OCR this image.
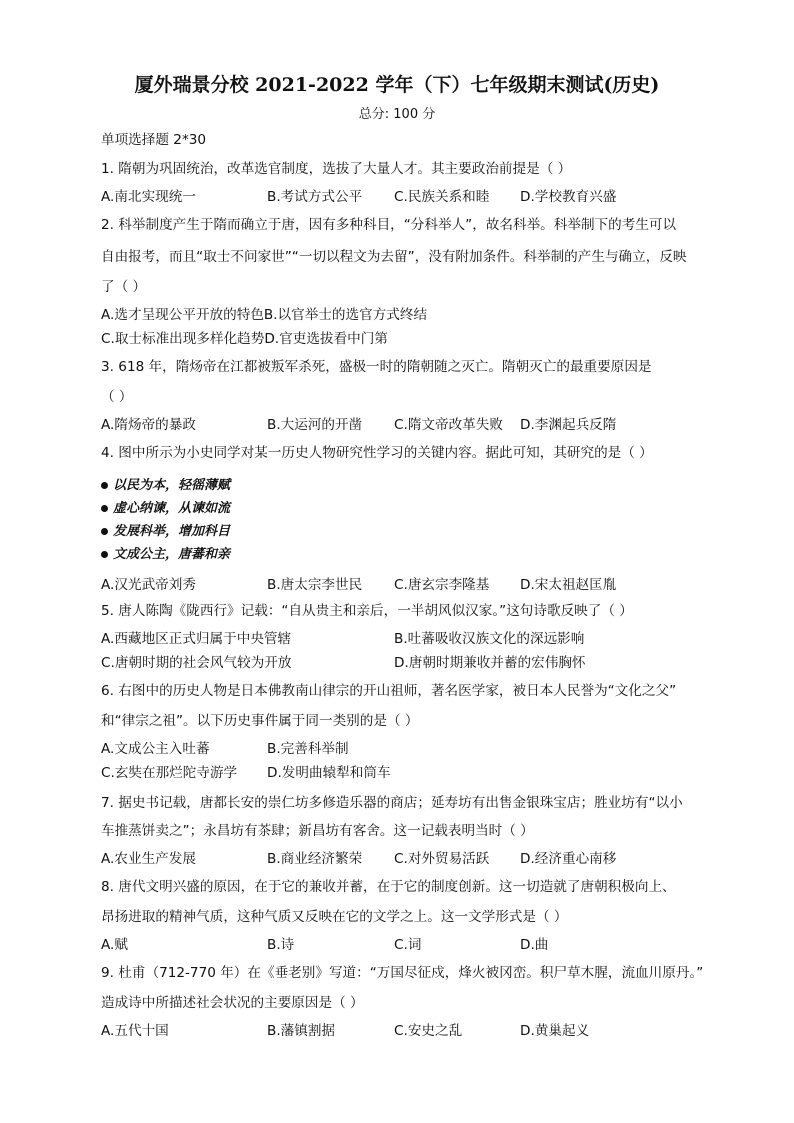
厦外瑞景分校 2021-2022 学年（下）七年级期末测试(历史)
总分: 100 分
单项选择题 2*30
1. 隋朝为巩固统治，改革选官制度，选拔了大量人才。其主要政治前提是（ ）
A.南北实现统一	B.考试方式公平 C.民族关系和睦 D.学校教育兴盛
2. 科举制度产生于隋而确立于唐，因有多种科目，“分科举人”，故名科举。科举制下的考生可以
自由报考，而且“取士不问家世”“一切以程文为去留”，没有附加条件。科举制的产生与确立，反映
了（ ）
A.选才呈现公平开放的特色B.以官举士的选官方式终结
C.取士标准出现多样化趋势D.官吏选拔看中门第
3. 618 年，隋炀帝在江都被叛军杀死，盛极一时的隋朝随之灭亡。隋朝灭亡的最重要原因是
（ ）
A.隋炀帝的暴政	B.大运河的开凿 C.隋文帝改革失败 D.李渊起兵反隋
4. 图中所示为小史同学对某一历史人物研究性学习的关键内容。据此可知，其研究的是（ ）
以民为本，轻徭薄赋
虚心纳谏，从谏如流
发展科举，增加科目
文成公主，唐蕃和亲
A.汉光武帝刘秀	B.唐太宗李世民 C.唐玄宗李隆基 D.宋太祖赵匡胤
5. 唐人陈陶《陇西行》记载：“自从贵主和亲后，一半胡风似汉家。”这句诗歌反映了（ ）
A.西藏地区正式归属于中央管辖	B.吐蕃吸收汉族文化的深远影响
C.唐朝时期的社会风气较为开放	D.唐朝时期兼收并蓄的宏伟胸怀
6. 右图中的历史人物是日本佛教南山律宗的开山祖师，著名医学家，被日本人民誉为“文化之父”
和“律宗之祖”。以下历史事件属于同一类别的是（ ）
A.文成公主入吐蕃	B.完善科举制
C.玄奘在那烂陀寺游学 D.发明曲辕犁和筒车
7. 据史书记载，唐都长安的崇仁坊多修造乐器的商店；延寿坊有出售金银珠宝店；胜业坊有“以小
车推蒸饼卖之”；永昌坊有茶肆；新昌坊有客舍。这一记载表明当时（ ）
A.农业生产发展	B.商业经济繁荣 C.对外贸易活跃 D.经济重心南移
8. 唐代文明兴盛的原因，在于它的兼收并蓄，在于它的制度创新。这一切造就了唐朝积极向上、
昂扬进取的精神气质，这种气质又反映在它的文学之上。这一文学形式是（ ）
A.赋	B.诗	C.词	D.曲
9. 杜甫（712-770 年）在《垂老别》写道：“万国尽征戍，烽火被冈峦。积尸草木腥，流血川原丹。”
造成诗中所描述社会状况的主要原因是（ ）
A.五代十国	B.藩镇割据	C.安史之乱	D.黄巢起义
